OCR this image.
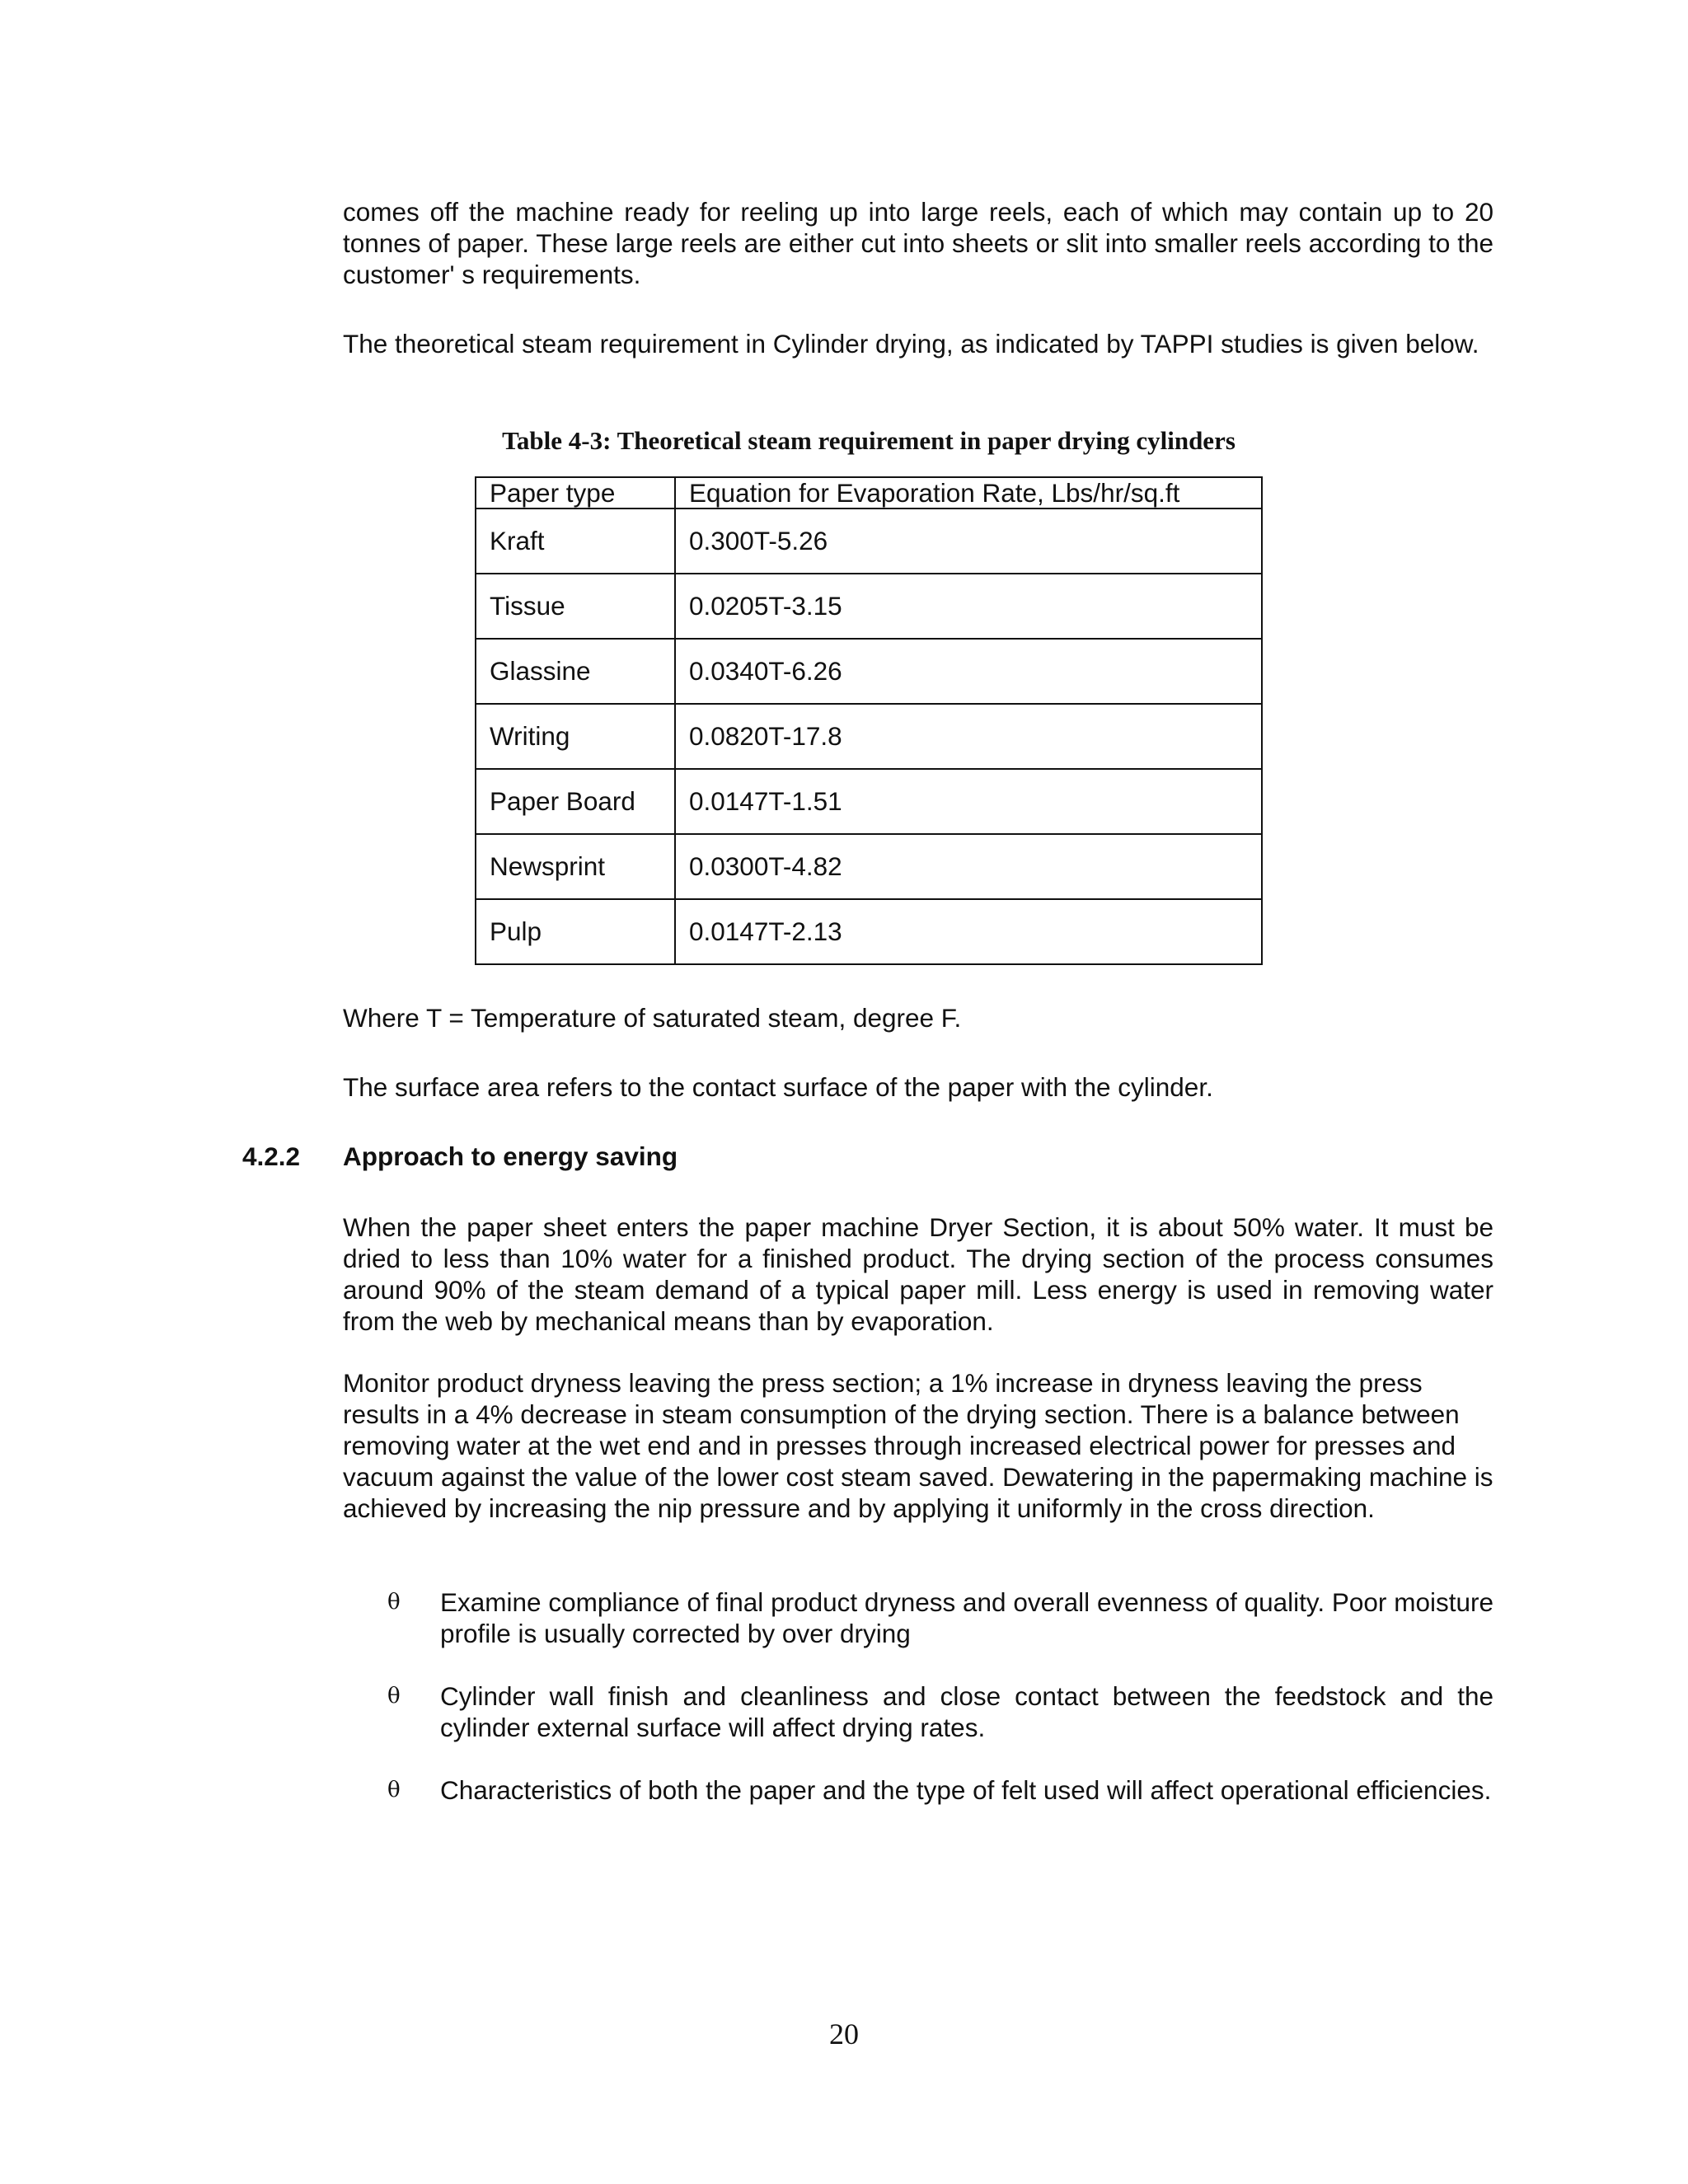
comes off the machine ready for reeling up into large reels, each of which may contain up to 20 tonnes of paper. These large reels are either cut into sheets or slit into smaller reels according to the customer' s requirements.

The theoretical steam requirement in Cylinder drying, as indicated by TAPPI studies is given below.

Table 4-3: Theoretical steam requirement in paper drying cylinders

Paper type	Equation for Evaporation Rate, Lbs/hr/sq.ft
Kraft	0.300T-5.26
Tissue	0.0205T-3.15
Glassine	0.0340T-6.26
Writing	0.0820T-17.8
Paper Board	0.0147T-1.51
Newsprint	0.0300T-4.82
Pulp	0.0147T-2.13

Where T = Temperature of saturated steam, degree F.

The surface area refers to the contact surface of the paper with the cylinder.

4.2.2 Approach to energy saving

When the paper sheet enters the paper machine Dryer Section, it is about 50% water. It must be dried to less than 10% water for a finished product. The drying section of the process consumes around 90% of the steam demand of a typical paper mill. Less energy is used in removing water from the web by mechanical means than by evaporation.

Monitor product dryness leaving the press section; a 1% increase in dryness leaving the press results in a 4% decrease in steam consumption of the drying section. There is a balance between removing water at the wet end and in presses through increased electrical power for presses and vacuum against the value of the lower cost steam saved. Dewatering in the papermaking machine is achieved by increasing the nip pressure and by applying it uniformly in the cross direction.

θ Examine compliance of final product dryness and overall evenness of quality. Poor moisture profile is usually corrected by over drying

θ Cylinder wall finish and cleanliness and close contact between the feedstock and the cylinder external surface will affect drying rates.

θ Characteristics of both the paper and the type of felt used will affect operational efficiencies.

20
